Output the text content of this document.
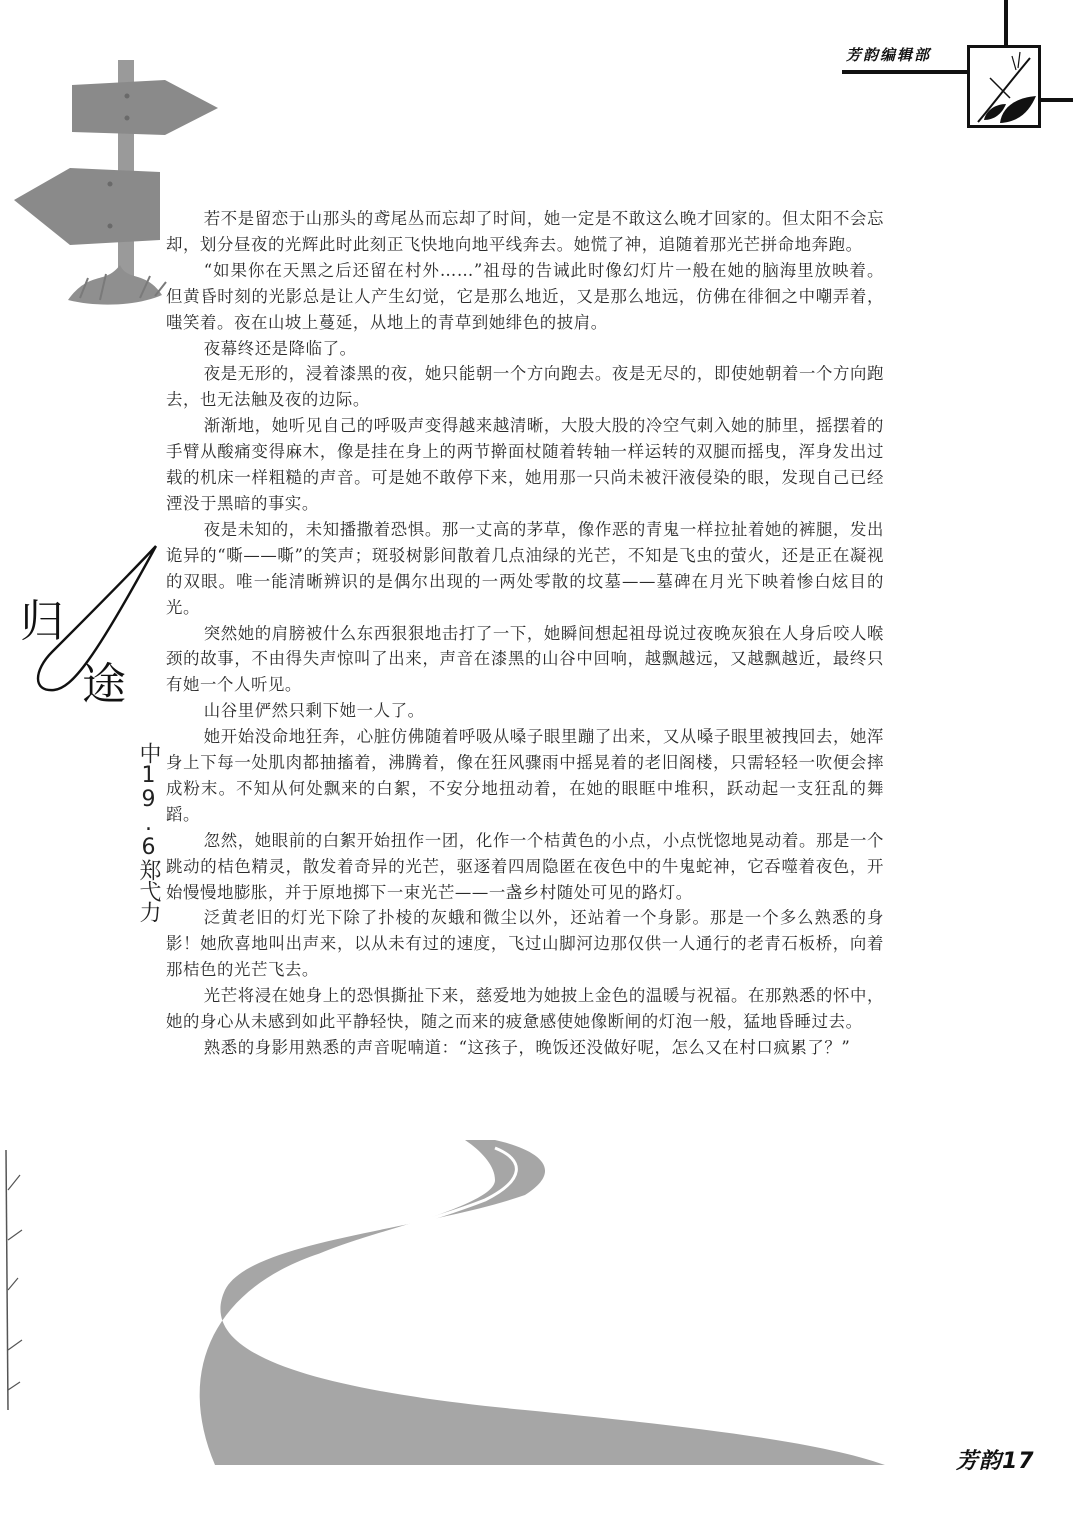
芳韵编辑部
归
途
中19.6郑弋力

若不是留恋于山那头的鸢尾丛而忘却了时间，她一定是不敢这么晚才回家的。但太阳不会忘却，划分昼夜的光辉此时此刻正飞快地向地平线奔去。她慌了神，追随着那光芒拼命地奔跑。

“如果你在天黑之后还留在村外……”祖母的告诫此时像幻灯片一般在她的脑海里放映着。但黄昏时刻的光影总是让人产生幻觉，它是那么地近，又是那么地远，仿佛在徘徊之中嘲弄着，嗤笑着。夜在山坡上蔓延，从地上的青草到她绯色的披肩。

夜幕终还是降临了。

夜是无形的，浸着漆黑的夜，她只能朝一个方向跑去。夜是无尽的，即使她朝着一个方向跑去，也无法触及夜的边际。

渐渐地，她听见自己的呼吸声变得越来越清晰，大股大股的冷空气刺入她的肺里，摇摆着的手臂从酸痛变得麻木，像是挂在身上的两节擀面杖随着转轴一样运转的双腿而摇曳，浑身发出过载的机床一样粗糙的声音。可是她不敢停下来，她用那一只尚未被汗液侵染的眼，发现自己已经湮没于黑暗的事实。

夜是未知的，未知播撒着恐惧。那一丈高的茅草，像作恶的青鬼一样拉扯着她的裤腿，发出诡异的“嘶——嘶”的笑声；斑驳树影间散着几点油绿的光芒，不知是飞虫的萤火，还是正在凝视的双眼。唯一能清晰辨识的是偶尔出现的一两处零散的坟墓——墓碑在月光下映着惨白炫目的光。

突然她的肩膀被什么东西狠狠地击打了一下，她瞬间想起祖母说过夜晚灰狼在人身后咬人喉颈的故事，不由得失声惊叫了出来，声音在漆黑的山谷中回响，越飘越远，又越飘越近，最终只有她一个人听见。

山谷里俨然只剩下她一人了。

她开始没命地狂奔，心脏仿佛随着呼吸从嗓子眼里蹦了出来，又从嗓子眼里被拽回去，她浑身上下每一处肌肉都抽搐着，沸腾着，像在狂风骤雨中摇晃着的老旧阁楼，只需轻轻一吹便会摔成粉末。不知从何处飘来的白絮，不安分地扭动着，在她的眼眶中堆积，跃动起一支狂乱的舞蹈。

忽然，她眼前的白絮开始扭作一团，化作一个桔黄色的小点，小点恍惚地晃动着。那是一个跳动的桔色精灵，散发着奇异的光芒，驱逐着四周隐匿在夜色中的牛鬼蛇神，它吞噬着夜色，开始慢慢地膨胀，并于原地掷下一束光芒——一盏乡村随处可见的路灯。

泛黄老旧的灯光下除了扑棱的灰蛾和微尘以外，还站着一个身影。那是一个多么熟悉的身影！她欣喜地叫出声来，以从未有过的速度，飞过山脚河边那仅供一人通行的老青石板桥，向着那桔色的光芒飞去。

光芒将浸在她身上的恐惧撕扯下来，慈爱地为她披上金色的温暖与祝福。在那熟悉的怀中，她的身心从未感到如此平静轻快，随之而来的疲惫感使她像断闸的灯泡一般，猛地昏睡过去。

熟悉的身影用熟悉的声音呢喃道：“这孩子，晚饭还没做好呢，怎么又在村口疯累了？”

芳韵17
